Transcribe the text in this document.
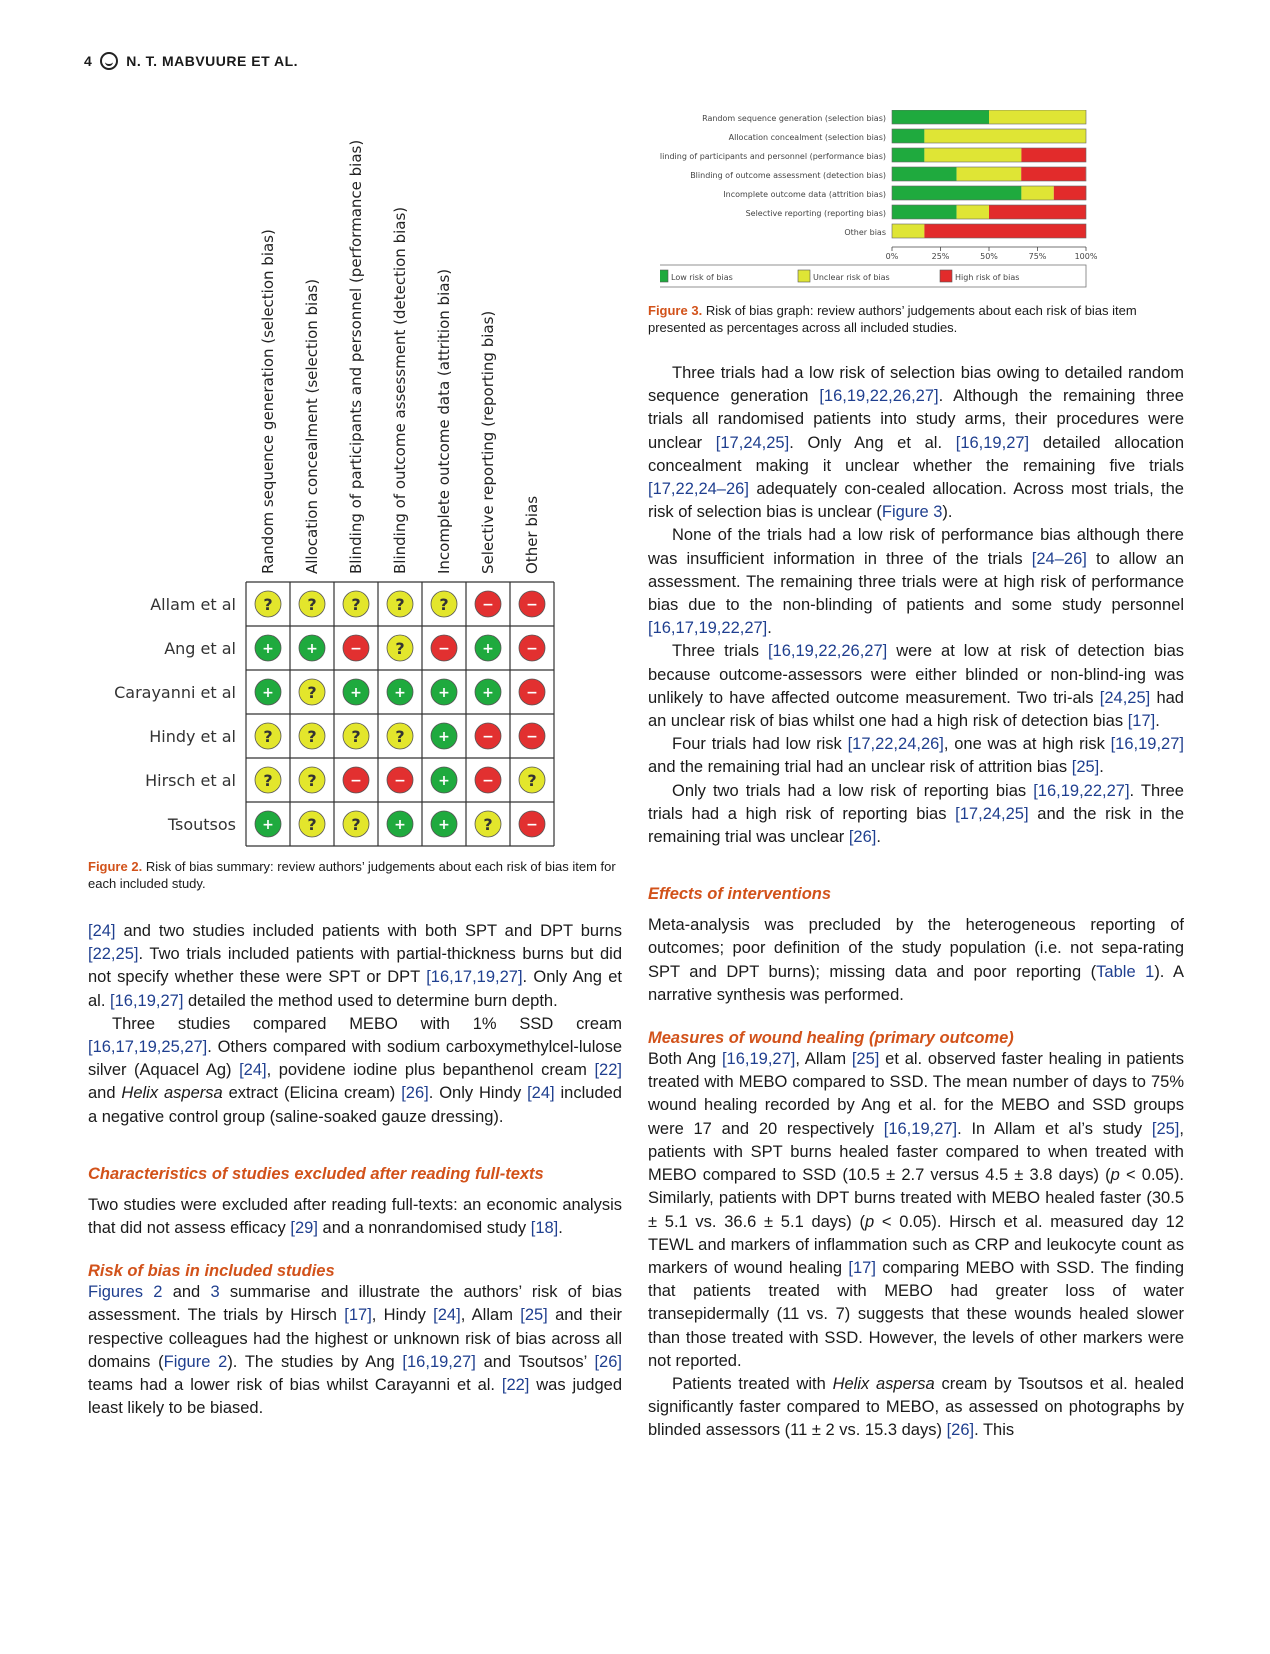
4 N. T. MABVUURE ET AL.
Random sequence generation (selection bias) Allocation concealment (selection bias) Blinding of participants and personnel (performance bias) Blinding of outcome assessment (detection bias) Incomplete outcome data (attrition bias) Selective reporting (reporting bias) Other bias
Allam et al ? ? ? ? ? − −
Ang et al + + − ? − + −
Carayanni et al + ? + + + + −
Hindy et al ? ? ? ? + − −
Hirsch et al ? ? − − + − ?
Tsoutsos + ? ? + + ? −

Figure 2. Risk of bias summary: review authors’ judgements about each risk of bias item for each included study.

Random sequence generation (selection bias)
Allocation concealment (selection bias)
Blinding of participants and personnel (performance bias)
Blinding of outcome assessment (detection bias)
Incomplete outcome data (attrition bias)
Selective reporting (reporting bias)
Other bias
0%	25%	50%	75%	100%
Low risk of bias	Unclear risk of bias	High risk of bias

Figure 3. Risk of bias graph: review authors’ judgements about each risk of bias item presented as percentages across all included studies.

[24] and two studies included patients with both SPT and DPT burns [22,25]. Two trials included patients with partial-thickness burns but did not specify whether these were SPT or DPT [16,17,19,27]. Only Ang et al. [16,19,27] detailed the method used to determine burn depth.

Three studies compared MEBO with 1% SSD cream [16,17,19,25,27]. Others compared with sodium carboxymethylcel-lulose silver (Aquacel Ag) [24], povidene iodine plus bepanthenol cream [22] and Helix aspersa extract (Elicina cream) [26]. Only Hindy [24] included a negative control group (saline-soaked gauze dressing).

Characteristics of studies excluded after reading full-texts

Two studies were excluded after reading full-texts: an economic analysis that did not assess efficacy [29] and a nonrandomised study [18].

Risk of bias in included studies

Figures 2 and 3 summarise and illustrate the authors’ risk of bias assessment. The trials by Hirsch [17], Hindy [24], Allam [25] and their respective colleagues had the highest or unknown risk of bias across all domains (Figure 2). The studies by Ang [16,19,27] and Tsoutsos’ [26] teams had a lower risk of bias whilst Carayanni et al. [22] was judged least likely to be biased.

Three trials had a low risk of selection bias owing to detailed random sequence generation [16,19,22,26,27]. Although the remaining three trials all randomised patients into study arms, their procedures were unclear [17,24,25]. Only Ang et al. [16,19,27] detailed allocation concealment making it unclear whether the remaining five trials [17,22,24–26] adequately con-cealed allocation. Across most trials, the risk of selection bias is unclear (Figure 3).

None of the trials had a low risk of performance bias although there was insufficient information in three of the trials [24–26] to allow an assessment. The remaining three trials were at high risk of performance bias due to the non-blinding of patients and some study personnel [16,17,19,22,27].

Three trials [16,19,22,26,27] were at low at risk of detection bias because outcome-assessors were either blinded or non-blind-ing was unlikely to have affected outcome measurement. Two tri-als [24,25] had an unclear risk of bias whilst one had a high risk of detection bias [17].

Four trials had low risk [17,22,24,26], one was at high risk [16,19,27] and the remaining trial had an unclear risk of attrition bias [25].

Only two trials had a low risk of reporting bias [16,19,22,27]. Three trials had a high risk of reporting bias [17,24,25] and the risk in the remaining trial was unclear [26].

Effects of interventions

Meta-analysis was precluded by the heterogeneous reporting of outcomes; poor definition of the study population (i.e. not sepa-rating SPT and DPT burns); missing data and poor reporting (Table 1). A narrative synthesis was performed.

Measures of wound healing (primary outcome)

Both Ang [16,19,27], Allam [25] et al. observed faster healing in patients treated with MEBO compared to SSD. The mean number of days to 75% wound healing recorded by Ang et al. for the MEBO and SSD groups were 17 and 20 respectively [16,19,27]. In Allam et al’s study [25], patients with SPT burns healed faster compared to when treated with MEBO compared to SSD (10.5 ± 2.7 versus 4.5 ± 3.8 days) (p < 0.05). Similarly, patients with DPT burns treated with MEBO healed faster (30.5 ± 5.1 vs. 36.6 ± 5.1 days) (p < 0.05). Hirsch et al. measured day 12 TEWL and markers of inflammation such as CRP and leukocyte count as markers of wound healing [17] comparing MEBO with SSD. The finding that patients treated with MEBO had greater loss of water transepidermally (11 vs. 7) suggests that these wounds healed slower than those treated with SSD. However, the levels of other markers were not reported.

Patients treated with Helix aspersa cream by Tsoutsos et al. healed significantly faster compared to MEBO, as assessed on photographs by blinded assessors (11 ± 2 vs. 15.3 days) [26]. This
